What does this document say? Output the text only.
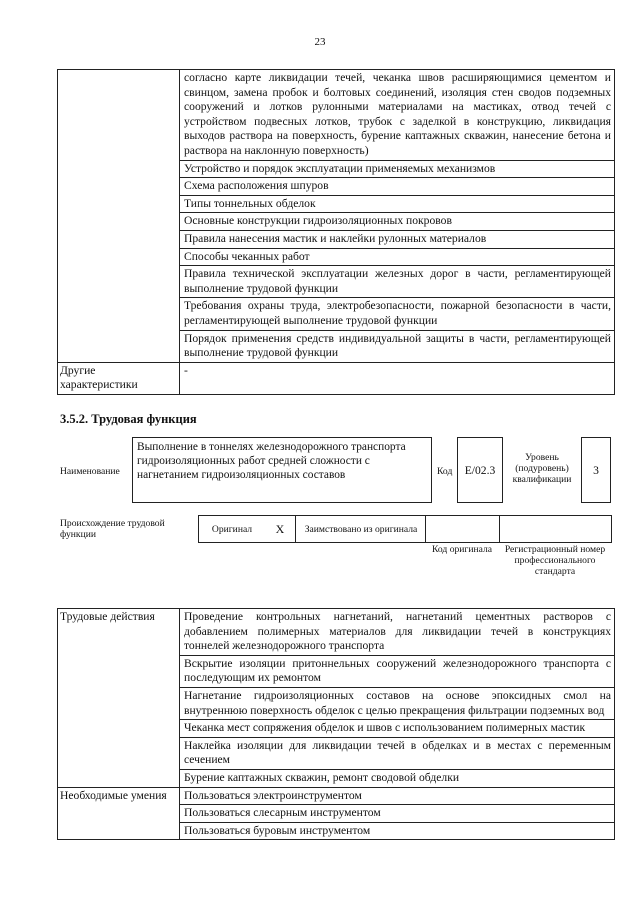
23
	согласно карте ликвидации течей, чеканка швов расширяющимися цементом и свинцом, замена пробок и болтовых соединений, изоляция стен сводов подземных сооружений и лотков рулонными материалами на мастиках, отвод течей с устройством подвесных лотков, трубок с заделкой в конструкцию, ликвидация выходов раствора на поверхность, бурение каптажных скважин, нанесение бетона и раствора на наклонную поверхность)
	Устройство и порядок эксплуатации применяемых механизмов
	Схема расположения шпуров
	Типы тоннельных обделок
	Основные конструкции гидроизоляционных покровов
	Правила нанесения мастик и наклейки рулонных материалов
	Способы чеканных работ
	Правила технической эксплуатации железных дорог в части, регламентирующей выполнение трудовой функции
	Требования охраны труда, электробезопасности, пожарной безопасности в части, регламентирующей выполнение трудовой функции
	Порядок применения средств индивидуальной защиты в части, регламентирующей выполнение трудовой функции
Другие характеристики	-
3.5.2. Трудовая функция
Наименование
Выполнение в тоннелях железнодорожного транспорта гидроизоляционных работ средней сложности с нагнетанием гидроизоляционных составов	Код	E/02.3
Уровень (подуровень) квалификации
3
Происхождение трудовой функции	Оригинал	X	Заимствовано из оригинала
Код оригинала	Регистрационный номер профессионального стандарта
Трудовые действия	Проведение контрольных нагнетаний, нагнетаний цементных растворов с добавлением полимерных материалов для ликвидации течей в конструкциях тоннелей железнодорожного транспорта
	Вскрытие изоляции притоннельных сооружений железнодорожного транспорта с последующим их ремонтом
	Нагнетание гидроизоляционных составов на основе эпоксидных смол на внутреннюю поверхность обделок с целью прекращения фильтрации подземных вод
	Чеканка мест сопряжения обделок и швов с использованием полимерных мастик
	Наклейка изоляции для ликвидации течей в обделках и в местах с переменным сечением
	Бурение каптажных скважин, ремонт сводовой обделки
Необходимые умения	Пользоваться электроинструментом
	Пользоваться слесарным инструментом
	Пользоваться буровым инструментом
